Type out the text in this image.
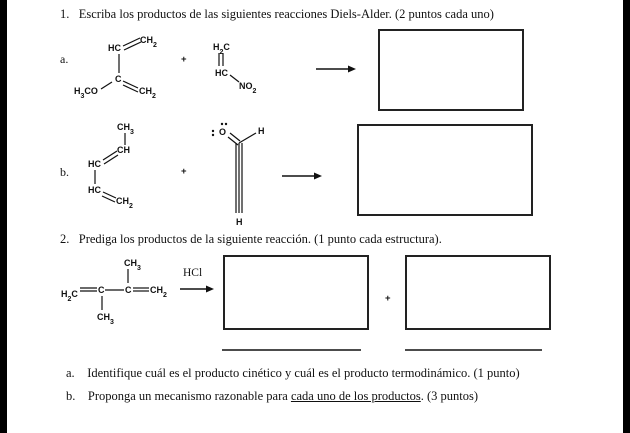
1. Escriba los productos de las siguientes reacciones Diels-Alder. (2 puntos cada uno)
a.
b.
HC
$CH_2$
C
$H_3CO$	$CH_2$
+
$H_2C$
HC
$NO_2$
$CH_3$
CH
HC
HC
$CH_2$
+
O	H
H
$CH_3$
$H_2C$ C C $CH_2$
$CH_3$
+
HCl
2. Prediga los productos de la siguiente reacción. (1 punto cada estructura).
a. Identifique cuál es el producto cinético y cuál es el producto termodinámico. (1 punto)
b. Proponga un mecanismo razonable para cada uno de los productos. (3 puntos)
